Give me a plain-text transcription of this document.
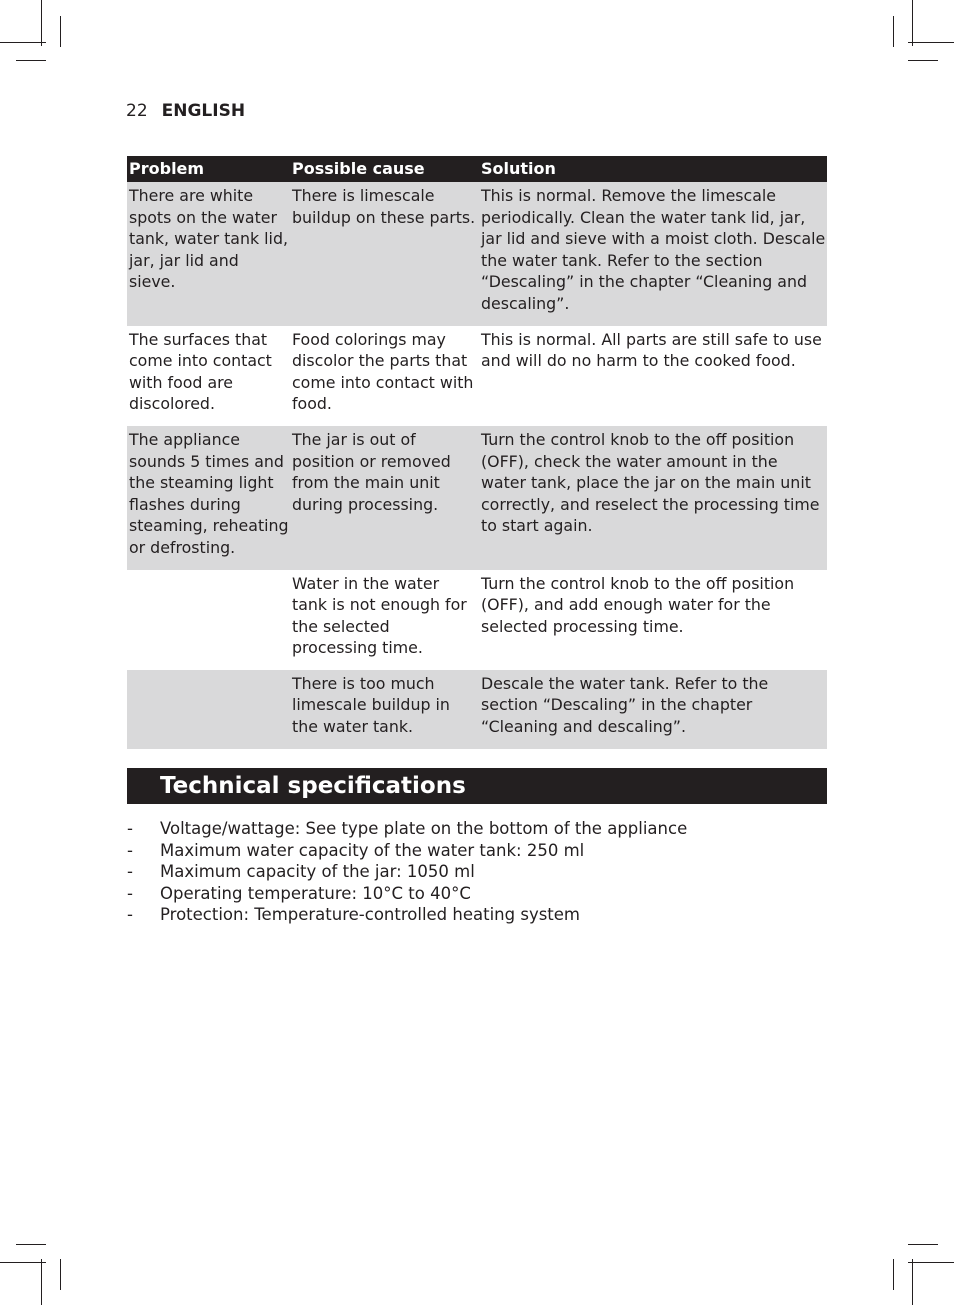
22 ENGLISH
Problem	Possible cause	Solution
There are white spots on the water tank, water tank lid, jar, jar lid and sieve.	There is limescale buildup on these parts.	This is normal. Remove the limescale periodically. Clean the water tank lid, jar, jar lid and sieve with a moist cloth. Descale the water tank. Refer to the section “Descaling” in the chapter “Cleaning and descaling”.
The surfaces that come into contact with food are discolored.	Food colorings may discolor the parts that come into contact with food.	This is normal. All parts are still safe to use and will do no harm to the cooked food.
The appliance sounds 5 times and the steaming light flashes during steaming, reheating or defrosting.	The jar is out of position or removed from the main unit during processing.	Turn the control knob to the off position (OFF), check the water amount in the water tank, place the jar on the main unit correctly, and reselect the processing time to start again.
	Water in the water tank is not enough for the selected processing time.	Turn the control knob to the off position (OFF), and add enough water for the selected processing time.
	There is too much limescale buildup in the water tank.	Descale the water tank. Refer to the section “Descaling” in the chapter “Cleaning and descaling”.
Technical specifications
- Voltage/wattage: See type plate on the bottom of the appliance
- Maximum water capacity of the water tank: 250 ml
- Maximum capacity of the jar: 1050 ml
- Operating temperature: 10°C to 40°C
- Protection: Temperature-controlled heating system
